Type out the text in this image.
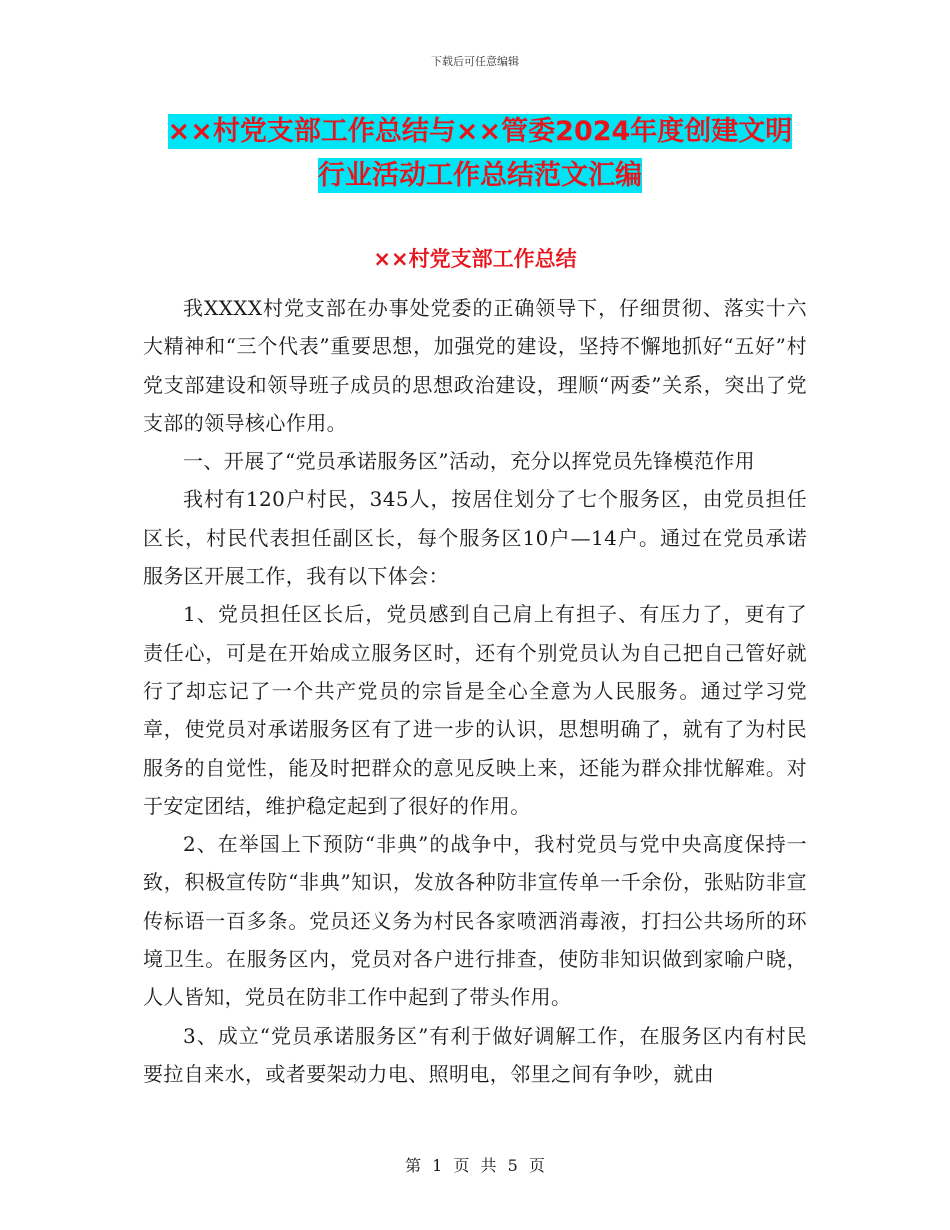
下载后可任意编辑
××村党支部工作总结与××管委2024年度创建文明
行业活动工作总结范文汇编
××村党支部工作总结

我XXXX村党支部在办事处党委的正确领导下，仔细贯彻、落实十六大精神和“三个代表”重要思想，加强党的建设，坚持不懈地抓好“五好”村党支部建设和领导班子成员的思想政治建设，理顺“两委”关系，突出了党支部的领导核心作用。

一、开展了“党员承诺服务区”活动，充分以挥党员先锋模范作用

我村有120户村民，345人，按居住划分了七个服务区，由党员担任区长，村民代表担任副区长，每个服务区10户—14户。通过在党员承诺服务区开展工作，我有以下体会：

1、党员担任区长后，党员感到自己肩上有担子、有压力了，更有了责任心，可是在开始成立服务区时，还有个别党员认为自己把自己管好就行了却忘记了一个共产党员的宗旨是全心全意为人民服务。通过学习党章，使党员对承诺服务区有了进一步的认识，思想明确了，就有了为村民服务的自觉性，能及时把群众的意见反映上来，还能为群众排忧解难。对于安定团结，维护稳定起到了很好的作用。

2、在举国上下预防“非典”的战争中，我村党员与党中央高度保持一致，积极宣传防“非典”知识，发放各种防非宣传单一千余份，张贴防非宣传标语一百多条。党员还义务为村民各家喷洒消毒液，打扫公共场所的环境卫生。在服务区内，党员对各户进行排查，使防非知识做到家喻户晓，人人皆知，党员在防非工作中起到了带头作用。

3、成立“党员承诺服务区”有利于做好调解工作，在服务区内有村民要拉自来水，或者要架动力电、照明电，邻里之间有争吵，就由

第 1 页 共 5 页
